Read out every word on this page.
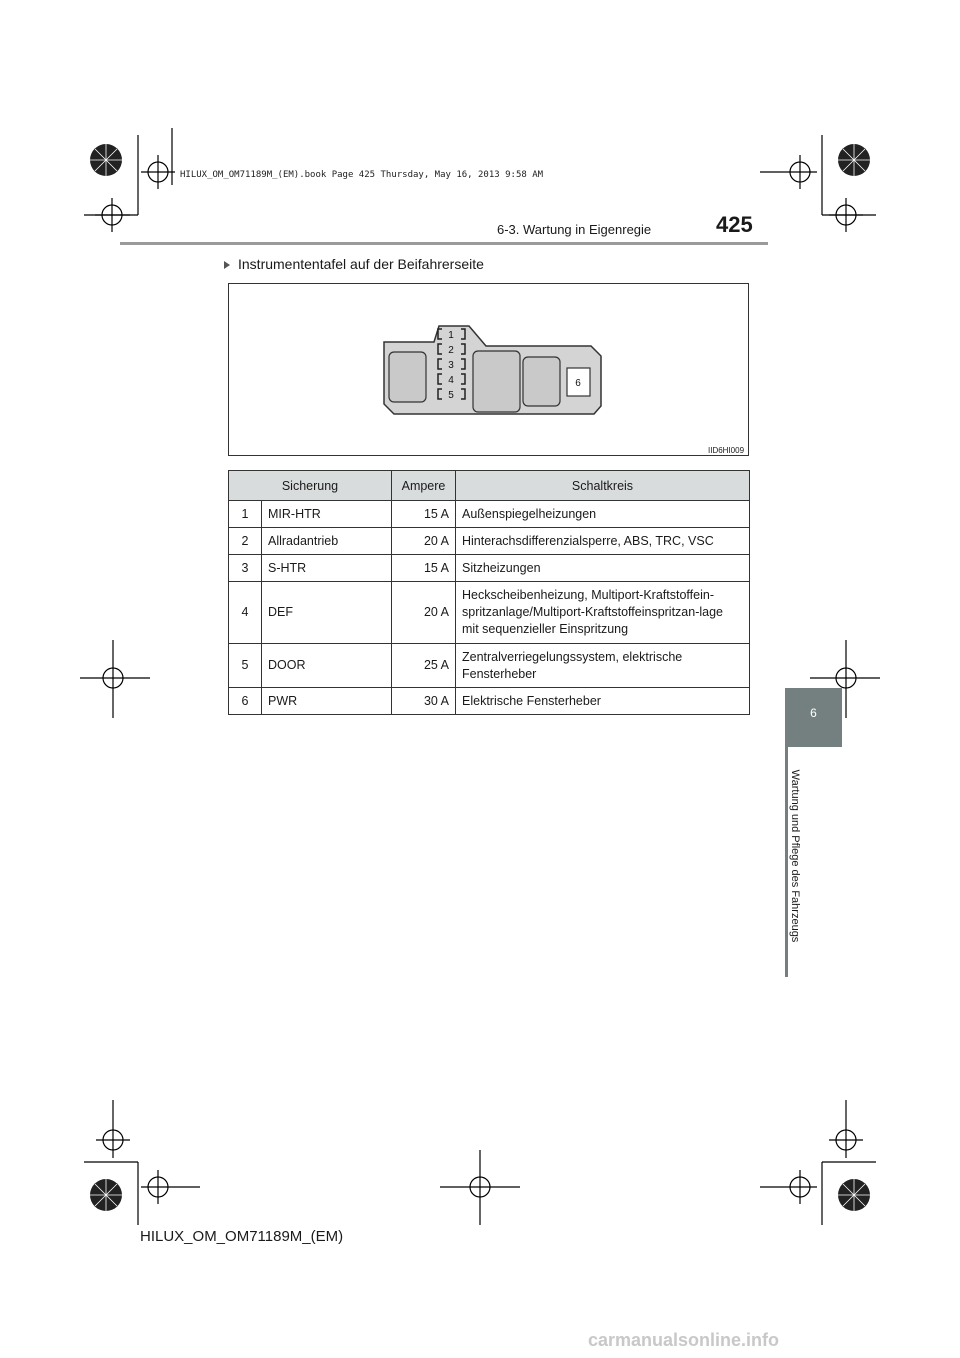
HILUX_OM_OM71189M_(EM).book Page 425 Thursday, May 16, 2013 9:58 AM
425
6-3. Wartung in Eigenregie
6
Wartung und Pflege des Fahrzeugs
Instrumententafel auf der Beifahrerseite
1
2
3
4
5
6
IID6HI009
Sicherung		Ampere	Schaltkreis
1	MIR-HTR	15 A	Außenspiegelheizungen
2	Allradantrieb	20 A	Hinterachsdifferenzialsperre, ABS, TRC, VSC
3	S-HTR	15 A	Sitzheizungen
4	DEF	20 A	Heckscheibenheizung, Multiport-Kraftstoffein-spritzanlage/Multiport-Kraftstoffeinspritzan-lage mit sequenzieller Einspritzung
5	DOOR	25 A	Zentralverriegelungssystem, elektrische Fensterheber
6	PWR	30 A	Elektrische Fensterheber
HILUX_OM_OM71189M_(EM)
carmanualsonline.info
